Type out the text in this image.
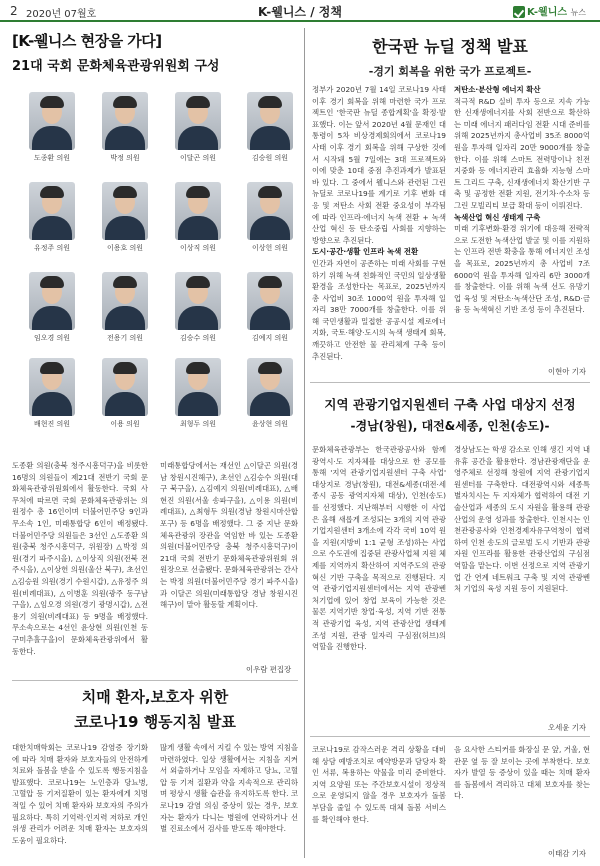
2 2020년 07월호	K-웰니스 / 정책	K-웰니스 뉴스
[K-웰니스 현장을 가다]
21대 국회 문화체육관광위원회 구성
도종환 의원	박정 의원	이달곤 의원	김승원 의원
유정주 의원	이용호 의원	이상직 의원	이상헌 의원
임오경 의원	전용기 의원	김승수 의원	김예지 의원
배현진 의원	이용 의원	최형두 의원	윤상현 의원
도종환 의원(충북 청주시흥덕구)을 비롯한 16명의 의원들이 제21대 전반기 국회 문화체육관광위원회에서 활동한다. 국회 사무처에 따르면 국회 문화체육관광위는 의원정수 총 16인이며 더불어민주당 9인과 무소속 1인, 미래통합당 6인이 배정됐다. 더불어민주당 의원들은 3선인 △도종환 의원(충북 청주시흥덕구, 위원장) △박정 의원(경기 파주시을), △이상직 의원(전북 전주시을), △이상헌 의원(울산 북구), 초선인 △김승원 의원(경기 수원시갑), △유정주 의원(비례대표), △이병훈 의원(광주 동구남구을), △임오경 의원(경기 광명시갑), △전용기 의원(비례대표) 등 9명을 배정했다. 무소속으로는 4선인 윤상현 의원(인천 동구미추홀구을)이 문화체육관광위에서 활동한다.
미래통합당에서는 재선인 △이달곤 의원(경남 창원시진해구), 초선인 △김승수 의원(대구 북구을), △김예지 의원(비례대표), △배현진 의원(서울 송파구을), △이용 의원(비례대표), △최형두 의원(경남 창원시마산합포구) 등 6명을 배정했다. 그 중 지난 문화체육관광위 장관을 역임한 바 있는 도종환 의원(더불어민주당 충북 청주시흥덕구)이 21대 국회 전반기 문화체육관광위원회 위원장으로 선출됐다. 문화체육관광위는 간사는 박정 의원(더불어민주당 경기 파주시을)과 이달곤 의원(미래통합당 경남 창원시진해구)이 맡아 활동할 계획이다.
이우람 편집장
치매 환자,보호자 위한
코로나19 행동지침 발표
대한치매학회는 코로나19 감염증 장기화에 따라 치매 환자와 보호자들의 안전하게 치료와 돌봄을 받을 수 있도록 행동지침을 발표했다. 코로나19는 노인층과 당뇨병, 고혈압 등 기저질환이 있는 환자에게 치명적일 수 있어 치매 환자와 보호자의 주의가 필요하다. 특히 기억력·인지력 저하로 개인위생 관리가 어려운 치매 환자는 보호자의 도움이 필요하다.
많게 생활 속에서 지킬 수 있는 방역 지침을 마련하였다. 일상 생활에서는 지침을 지켜서 외출하거나 모임을 자제하고 당뇨, 고혈압 등 기저 질환과 약을 지속적으로 관리하며 평상시 생활 습관을 유지하도록 한다. 코로나19 감염 의심 증상이 있는 경우, 보호자는 환자가 다니는 병원에 연락하거나 선별 진료소에서 검사를 받도록 해야한다.
한국판 뉴딜 정책 발표
-경기 회복을 위한 국가 프로젝트-
정부가 2020년 7월 14일 코로나19 사태 이후 경기 회복을 위해 마련한 국가 프로젝트인 '한국판 뉴딜 종합계획'을 확정·발표했다. 이는 앞서 2020년 4월 문재인 대통령이 5차 비상경제회의에서 코로나19 사태 이후 경기 회복을 위해 구상한 것에서 시작돼 5월 7일에는 3대 프로젝트와 이에 맞춘 10대 중점 추진과제가 발표된 바 있다. 그 중에서 웰니스와 관련된 그린뉴딜로 코로나19를 계기로 기후 변화 대응 및 저탄소 사회 전환 중요성이 부각됨에 따라 인프라·에너지 녹색 전환 + 녹색산업 혁신 등 탄소중립 사회를 지향하는 방향으로 추진된다.
도시·공간·생활 인프라 녹색 전환
인간과 자연이 공존하는 미래 사회를 구현하기 위해 녹색 친화적인 국민의 일상생활 환경을 조성한다는 목표로, 2025년까지 총 사업비 30조 1000억 원을 투자해 일자리 38만 7000개를 창출한다. 이를 위해 국민생활과 밀접한 공공시설 제로에너지화, 국토·해양·도시의 녹색 생태계 회복, 깨끗하고 안전한 물 관리체계 구축 등이 추진된다.
저탄소·분산형 에너지 확산
적극적 R&D 실비 투자 등으로 지속 가능한 신재생에너지를 사회 전반으로 확산하는 미래 에너지 패러다임 전환 시대 준비를 위해 2025년까지 총사업비 35조 8000억 원을 투자해 일자리 20만 9000개를 창출한다. 이를 위해 스마트 전력망이나 친전 지중화 등 에너지관리 효율화 지능형 스마트 그리드 구축, 신재생에너지 확산기반 구축 및 공정한 전환 지원, 전기차·수소차 등 그린 모빌리티 보급 확대 등이 이뤄진다.
녹색산업 혁신 생태계 구축
미래 기후변화·환경 위기에 대응해 전략적으로 도전한 녹색산업 발굴 및 이를 지원하는 인프라 전반 확충을 통해 에너지인 조성을 목표로, 2025년까지 총 사업비 7조 6000억 원을 투자해 일자리 6만 3000개를 창출한다. 이를 위해 녹색 선도 유망기업 육성 및 저탄소·녹색산단 조성, R&D·금융 등 녹색혁신 기반 조성 등이 추진된다.
이현아 기자
지역 관광기업지원센터 구축 사업 대상지 선정
-경남(창원), 대전&세종, 인천(송도)-
문화체육관광부는 한국관광공사와 함께 광역시·도 지자체를 대상으로 한 공모를 통해 '지역 관광기업지원센터 구축 사업' 대상지로 경남(창원), 대전&세종(대전·세종시 공동 광역지자체 대상), 인천(송도)를 선정했다. 지난해부터 시행한 이 사업은 올해 새롭게 조성되는 3개의 지역 관광기업지원센터 3개소에 각각 국비 10억 원을 지원(지방비 1:1 균형 조성)하는 사업으로 수도권에 집중된 관광사업체 지원 체제를 지역까지 확산하여 지역주도의 관광혁신 기반 구축을 목적으로 진행된다. 지역 관광기업지원센터에서는 지역 관광벤처기업에 있어 창업 보육이 가능한 것은 물론 지역기반 창업·육성, 지역 기반 전통적 관광기업 육성, 지역 관광산업 생태계 조성 지원, 관광 일자리 구심점(허브)의 역할을 진행한다.
경상남도는 학생 감소로 인해 생긴 지역 내 유휴 공간을 활용한다. 경남관광재단을 운영주체로 선정해 창원에 지역 관광기업지원센터를 구축한다. 대전광역시와 세종특별자치시는 두 지자체가 협력하여 대전 기술산업과 세종의 도시 자원을 활용해 관광산업의 운영 성과를 창출한다. 인천시는 인천관광공사와 인천경제자유구역청이 협력하여 인천 송도의 글로벌 도시 기반과 관광자원 인프라를 활용한 관광산업의 구심점 역할을 맡는다. 이번 선정으로 지역 관광기업 간 연계 네트워크 구축 및 지역 관광벤처 기업의 육성 지원 등이 지원된다.
오세윤 기자
코로나19로 감작스러운 격리 상황을 대비해 상담 예방조치로 예약방문과 담당자 확인 서류, 복용하는 약물을 미리 준비한다. 지역 요양원 또는 주간보호시설이 정상적으로 운영되지 않을 경우 보호자가 돌봄 부담을 줄일 수 있도록 대체 돌봄 서비스를 확인해야 한다.
음 요사한 스티커를 화장실 문 앞, 거울, 현관문 옆 등 잘 보이는 곳에 부착한다. 보호자가 발열 등 증상이 있을 때는 치매 환자를 돌봄에서 격리하고 대체 보호자를 찾는다.
이태감 기자
